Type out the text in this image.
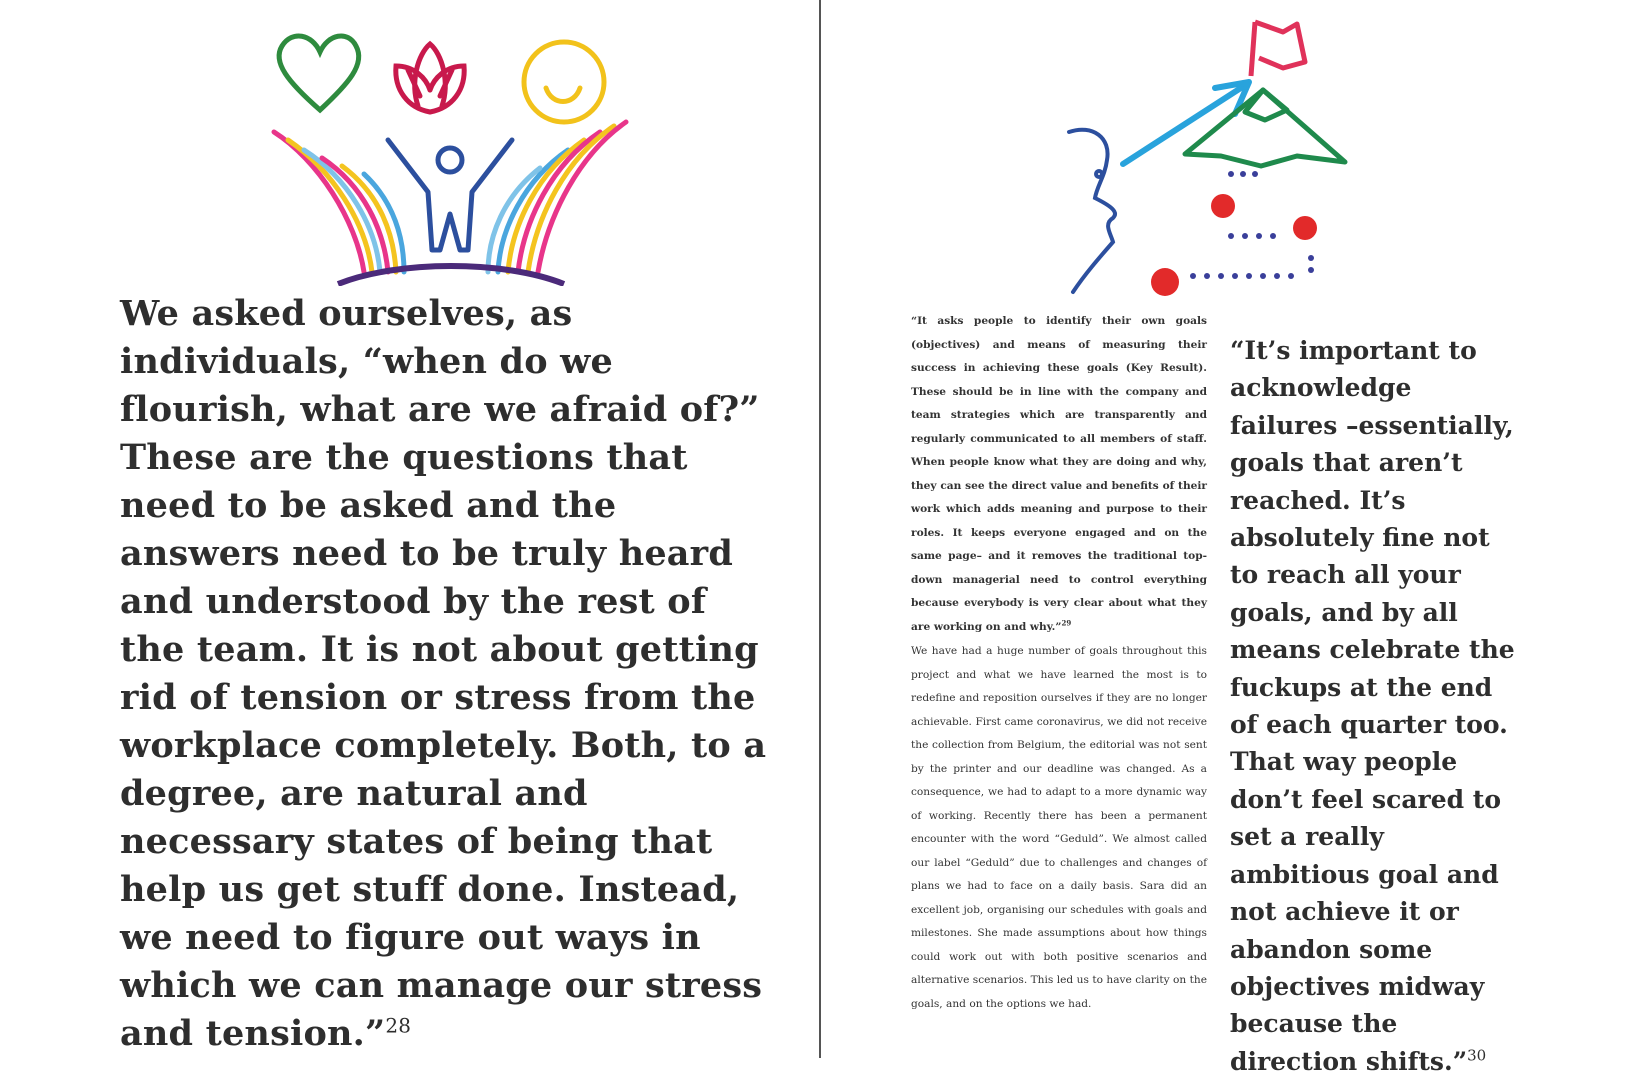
We asked ourselves, as individuals, “when do we flourish, what are we afraid of?” These are the questions that need to be asked and the answers need to be truly heard and understood by the rest of the team. It is not about getting rid of tension or stress from the workplace completely. Both, to a degree, are natural and necessary states of being that help us get stuff done. Instead, we need to figure out ways in which we can manage our stress and tension.”$^{28}$

“It asks people to identify their own goals (objectives) and means of measuring their success in achieving these goals (Key Result). These should be in line with the company and team strategies which are transparently and regularly communicated to all members of staff. When people know what they are doing and why, they can see the direct value and benefits of their work which adds meaning and purpose to their roles. It keeps everyone engaged and on the same page– and it removes the traditional top-down managerial need to control everything because everybody is very clear about what they are working on and why.”$^{29}$

We have had a huge number of goals throughout this project and what we have learned the most is to redefine and reposition ourselves if they are no longer achievable. First came coronavirus, we did not receive the collection from Belgium, the editorial was not sent by the printer and our deadline was changed. As a consequence, we had to adapt to a more dynamic way of working. Recently there has been a permanent encounter with the word “Geduld”. We almost called our label “Geduld” due to challenges and changes of plans we had to face on a daily basis. Sara did an excellent job, organising our schedules with goals and milestones. She made assumptions about how things could work out with both positive scenarios and alternative scenarios. This led us to have clarity on the goals, and on the options we had.

“It’s important to acknowledge failures –essentially, goals that aren’t reached. It’s absolutely fine not to reach all your goals, and by all means celebrate the fuckups at the end of each quarter too. That way people don’t feel scared to set a really ambitious goal and not achieve it or abandon some objectives midway because the direction shifts.”$^{30}$
